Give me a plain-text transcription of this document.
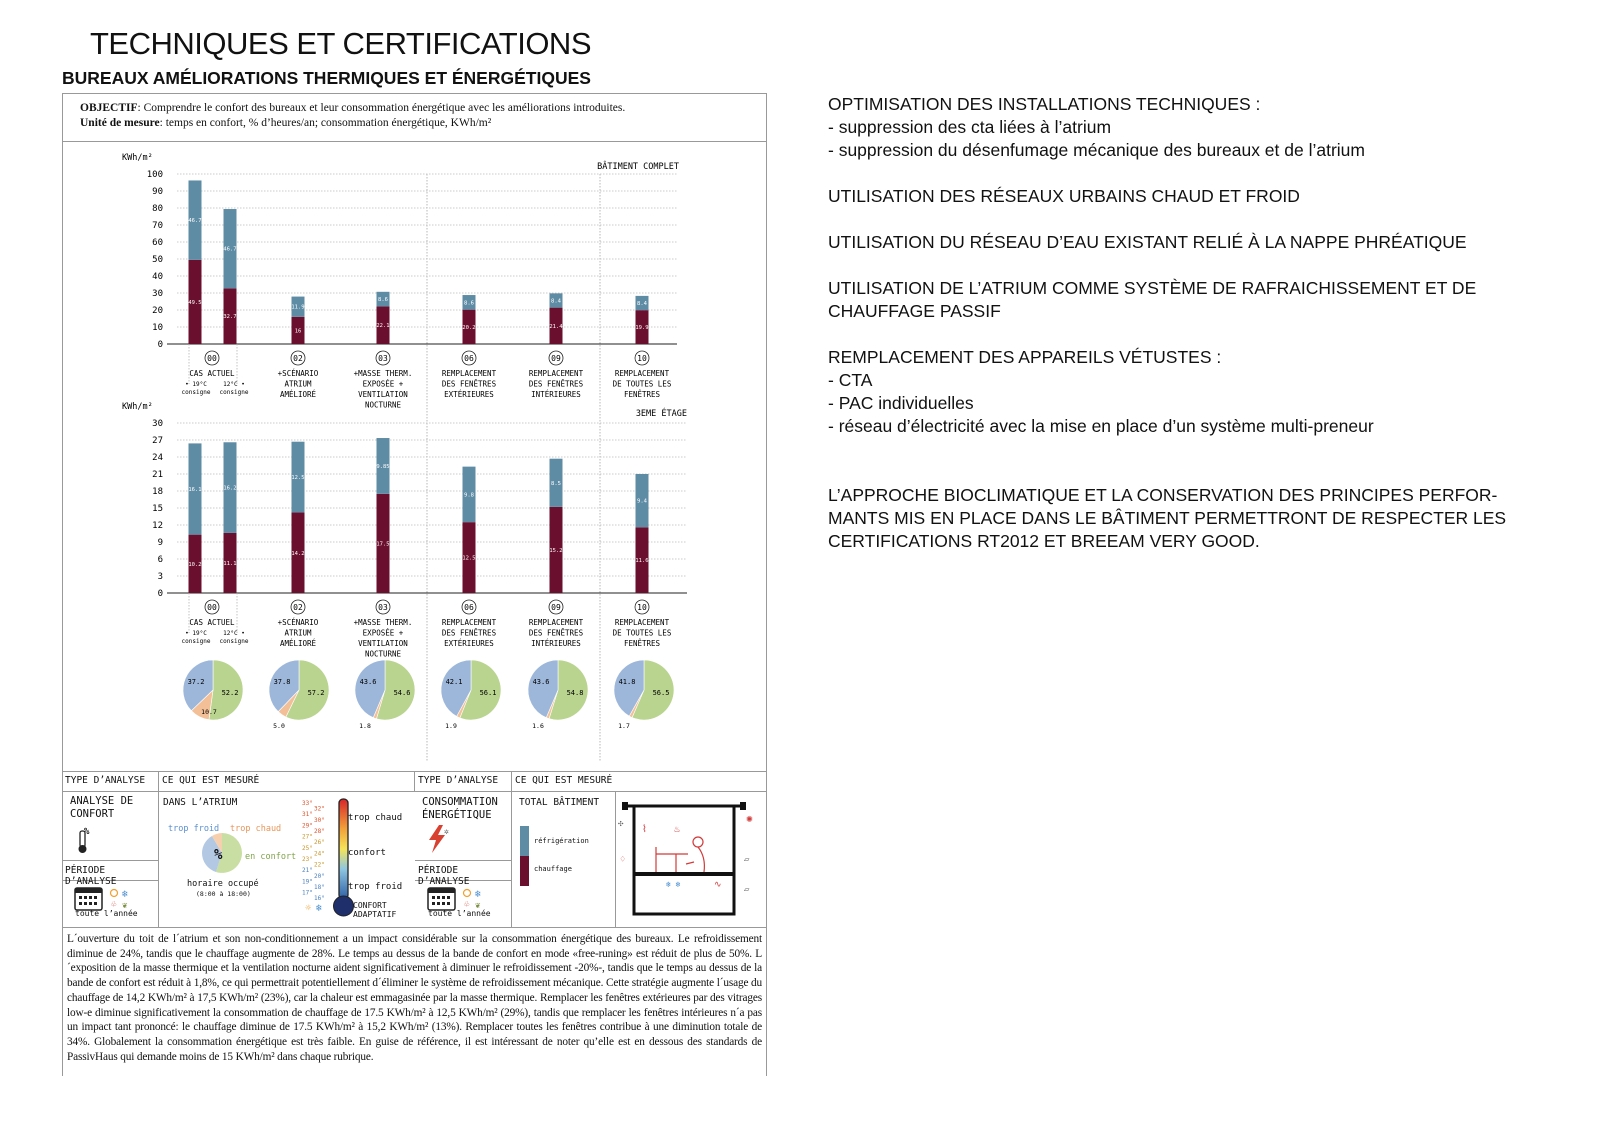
TECHNIQUES ET CERTIFICATIONS
BUREAUX AMÉLIORATIONS THERMIQUES ET ÉNERGÉTIQUES
OBJECTIF: Comprendre le confort des bureaux et leur consommation énergétique avec les améliorations introduites.
Unité de mesure: temps en confort, % d’heures/an; consommation énergétique, KWh/m²
KWh/m²
0
10
20
30
40
50
60
70
80
90
100
BÂTIMENT COMPLET
49.5
46.7
32.7
46.7
16
11.9
22.1
8.6
20.2
8.6
21.4
8.4
19.9
8.4
00
CAS ACTUEL
• 19°C
consigne
12°C •
consigne
02
+SCÉNARIO
ATRIUM
AMÉLIORÉ
03
+MASSE THERM.
EXPOSÉE +
VENTILATION
NOCTURNE
06
REMPLACEMENT
DES FENÊTRES
EXTÉRIEURES
09
REMPLACEMENT
DES FENÊTRES
INTÉRIEURES
10
REMPLACEMENT
DE TOUTES LES
FENÊTRES
KWh/m²
0
3
6
9
12
15
18
21
24
27
30
3EME ÉTAGE
10.2
16.1
11.1
16.2
14.2
12.5
17.5
9.85
12.5
9.8
15.2
8.5
11.6
9.4
00
CAS ACTUEL
• 19°C
consigne
12°C •
consigne
02
+SCÉNARIO
ATRIUM
AMÉLIORÉ
03
+MASSE THERM.
EXPOSÉE +
VENTILATION
NOCTURNE
06
REMPLACEMENT
DES FENÊTRES
EXTÉRIEURES
09
REMPLACEMENT
DES FENÊTRES
INTÉRIEURES
10
REMPLACEMENT
DE TOUTES LES
FENÊTRES
52.2
37.2
10.7
57.2
37.8
5.0
54.6
43.6
1.8
56.1
42.1
1.9
54.8
43.6
1.6
56.5
41.8
1.7
TYPE D’ANALYSE	CE QUI EST MESURÉ	TYPE D’ANALYSE	CE QUI EST MESURÉ
ANALYSE DE CONFORT
%
PÉRIODE D’ANALYSE
❄
♧ ❦
toute l’année
DANS L’ATRIUM
trop froid trop chaud
en confort
%
horaire occupé
(8:00 à 18:00)
33°
32°
31°
30°
29°
28°
27°
26°
25°
24°
23°
22°
21°
20°
19°
18°
17°
16°
☼ ❄
trop chaud
confort
trop froid
CONFORT ADAPTATIF
CONSOMMATION ÉNERGÉTIQUE
✲
PÉRIODE D’ANALYSE
❄
♧ ❦
toute l’année
TOTAL BÂTIMENT
réfrigération
chauffage
♨
⌇
✺
✣
▱
▱
♢
❄ ❄	∿
L´ouverture du toit de l´atrium et son non-conditionnement a un impact considérable sur la consommation énergétique des bureaux. Le refroidissement diminue de 24%, tandis que le chauffage augmente de 28%. Le temps au dessus de la bande de confort en mode «free-runing» est réduit de plus de 50%. L´exposition de la masse thermique et la ventilation nocturne aident significativement à diminuer le refroidissement -20%-, tandis que le temps au dessus de la bande de confort est réduit à 1,8%, ce qui permettrait potentiellement d´éliminer le système de refroidissement mécanique. Cette stratégie augmente l´usage du chauffage de 14,2 KWh/m² à 17,5 KWh/m² (23%), car la chaleur est emmagasinée par la masse thermique. Remplacer les fenêtres extérieures par des vitrages low-e diminue significativement la consommation de chauffage de 17.5 KWh/m² à 12,5 KWh/m² (29%), tandis que remplacer les fenêtres intérieures n´a pas un impact tant prononcé: le chauffage diminue de 17.5 KWh/m² à 15,2 KWh/m² (13%). Remplacer toutes les fenêtres contribue à une diminution totale de 34%. Globalement la consommation énergétique est très faible. En guise de référence, il est intéressant de noter qu’elle est en dessous des standards de PassivHaus qui demande moins de 15 KWh/m² dans chaque rubrique.
OPTIMISATION DES INSTALLATIONS TECHNIQUES :
- suppression des cta liées à l’atrium
- suppression du désenfumage mécanique des bureaux et de l’atrium

UTILISATION DES RÉSEAUX URBAINS CHAUD ET FROID

UTILISATION DU RÉSEAU D’EAU EXISTANT RELIÉ À LA NAPPE PHRÉATIQUE

UTILISATION DE L’ATRIUM COMME SYSTÈME DE RAFRAICHISSEMENT ET DE
CHAUFFAGE PASSIF

REMPLACEMENT DES APPAREILS VÉTUSTES :
- CTA
- PAC individuelles
- réseau d’électricité avec la mise en place d’un système multi-preneur

L’APPROCHE BIOCLIMATIQUE ET LA CONSERVATION DES PRINCIPES PERFOR-
MANTS MIS EN PLACE DANS LE BÂTIMENT PERMETTRONT DE RESPECTER LES
CERTIFICATIONS RT2012 ET BREEAM VERY GOOD.
